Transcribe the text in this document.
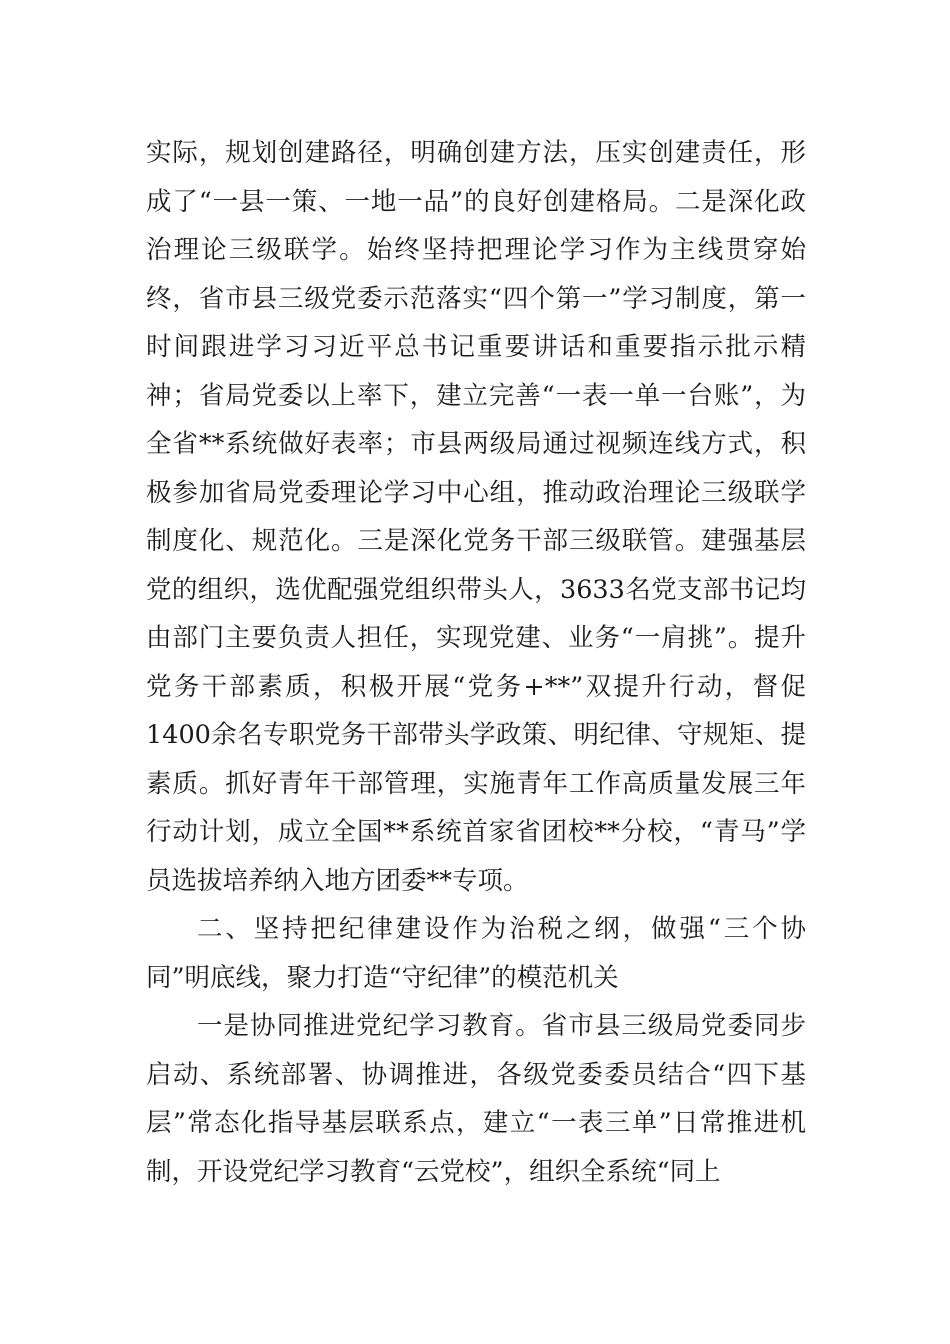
实际，规划创建路径，明确创建方法，压实创建责任，形成了“一县一策、一地一品”的良好创建格局。二是深化政治理论三级联学。始终坚持把理论学习作为主线贯穿始终，省市县三级党委示范落实“四个第一”学习制度，第一时间跟进学习习近平总书记重要讲话和重要指示批示精神；省局党委以上率下，建立完善“一表一单一台账”，为全省**系统做好表率；市县两级局通过视频连线方式，积极参加省局党委理论学习中心组，推动政治理论三级联学制度化、规范化。三是深化党务干部三级联管。建强基层党的组织，选优配强党组织带头人，3633名党支部书记均由部门主要负责人担任，实现党建、业务“一肩挑”。提升党务干部素质，积极开展“党务+**”双提升行动，督促1400余名专职党务干部带头学政策、明纪律、守规矩、提素质。抓好青年干部管理，实施青年工作高质量发展三年行动计划，成立全国**系统首家省团校**分校，“青马”学员选拔培养纳入地方团委**专项。

二、坚持把纪律建设作为治税之纲，做强“三个协同”明底线，聚力打造“守纪律”的模范机关

一是协同推进党纪学习教育。省市县三级局党委同步启动、系统部署、协调推进，各级党委委员结合“四下基层”常态化指导基层联系点，建立“一表三单”日常推进机制，开设党纪学习教育“云党校”，组织全系统“同上
